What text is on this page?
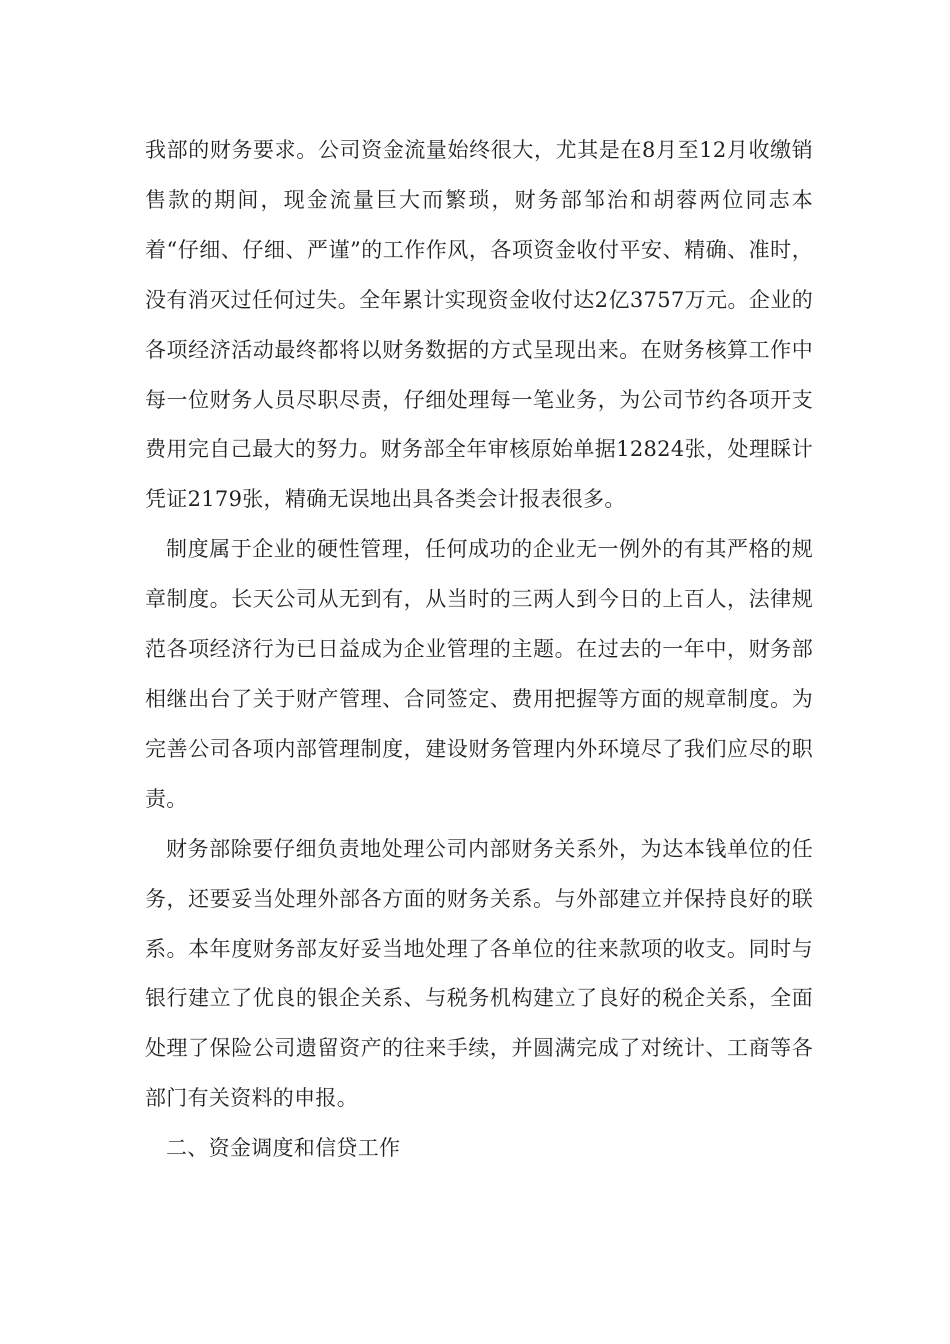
我部的财务要求。公司资金流量始终很大，尤其是在8月至12月收缴销售款的期间，现金流量巨大而繁琐，财务部邹治和胡蓉两位同志本着“仔细、仔细、严谨”的工作作风，各项资金收付平安、精确、准时，没有消灭过任何过失。全年累计实现资金收付达2亿3757万元。企业的各项经济活动最终都将以财务数据的方式呈现出来。在财务核算工作中每一位财务人员尽职尽责，仔细处理每一笔业务，为公司节约各项开支费用完自己最大的努力。财务部全年审核原始单据12824张，处理睬计凭证2179张，精确无误地出具各类会计报表很多。

制度属于企业的硬性管理，任何成功的企业无一例外的有其严格的规章制度。长天公司从无到有，从当时的三两人到今日的上百人，法律规范各项经济行为已日益成为企业管理的主题。在过去的一年中，财务部相继出台了关于财产管理、合同签定、费用把握等方面的规章制度。为完善公司各项内部管理制度，建设财务管理内外环境尽了我们应尽的职责。

财务部除要仔细负责地处理公司内部财务关系外，为达本钱单位的任务，还要妥当处理外部各方面的财务关系。与外部建立并保持良好的联系。本年度财务部友好妥当地处理了各单位的往来款项的收支。同时与银行建立了优良的银企关系、与税务机构建立了良好的税企关系，全面处理了保险公司遗留资产的往来手续，并圆满完成了对统计、工商等各部门有关资料的申报。

二、资金调度和信贷工作
